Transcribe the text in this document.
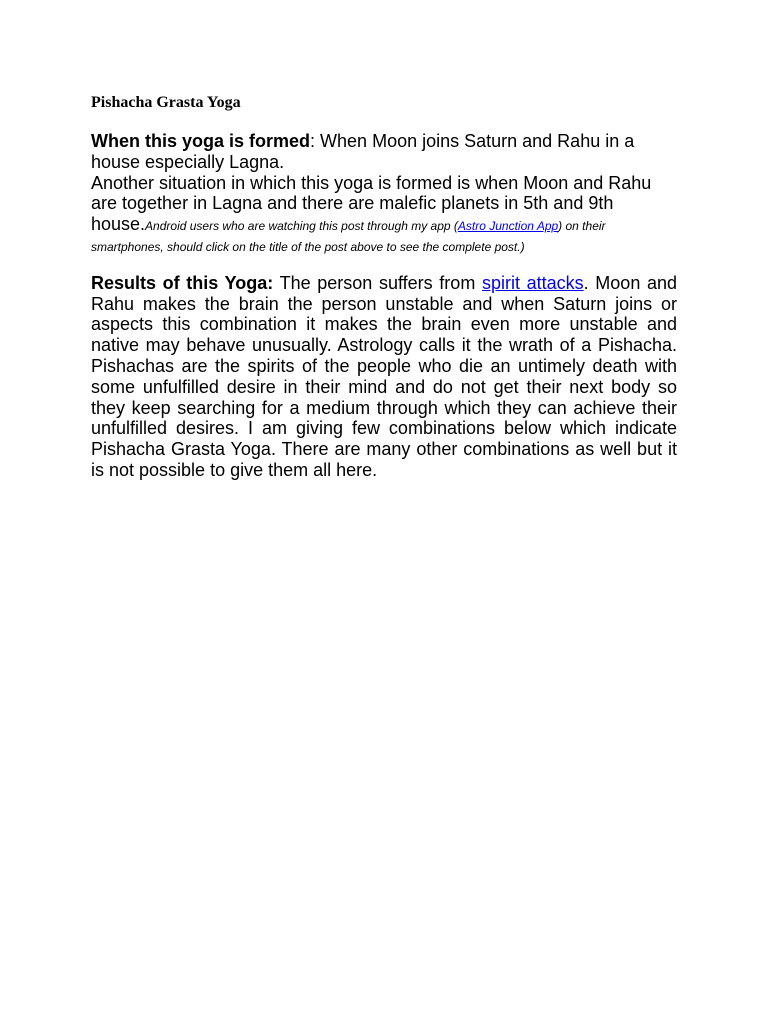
Pishacha Grasta Yoga

When this yoga is formed: When Moon joins Saturn and Rahu in a house especially Lagna.

Another situation in which this yoga is formed is when Moon and Rahu are together in Lagna and there are malefic planets in 5th and 9th house.Android users who are watching this post through my app (Astro Junction App) on their smartphones, should click on the title of the post above to see the complete post.)

Results of this Yoga: The person suffers from spirit attacks. Moon and Rahu makes the brain the person unstable and when Saturn joins or aspects this combination it makes the brain even more unstable and native may behave unusually. Astrology calls it the wrath of a Pishacha. Pishachas are the spirits of the people who die an untimely death with some unfulfilled desire in their mind and do not get their next body so they keep searching for a medium through which they can achieve their unfulfilled desires. I am giving few combinations below which indicate Pishacha Grasta Yoga. There are many other combinations as well but it is not possible to give them all here.
